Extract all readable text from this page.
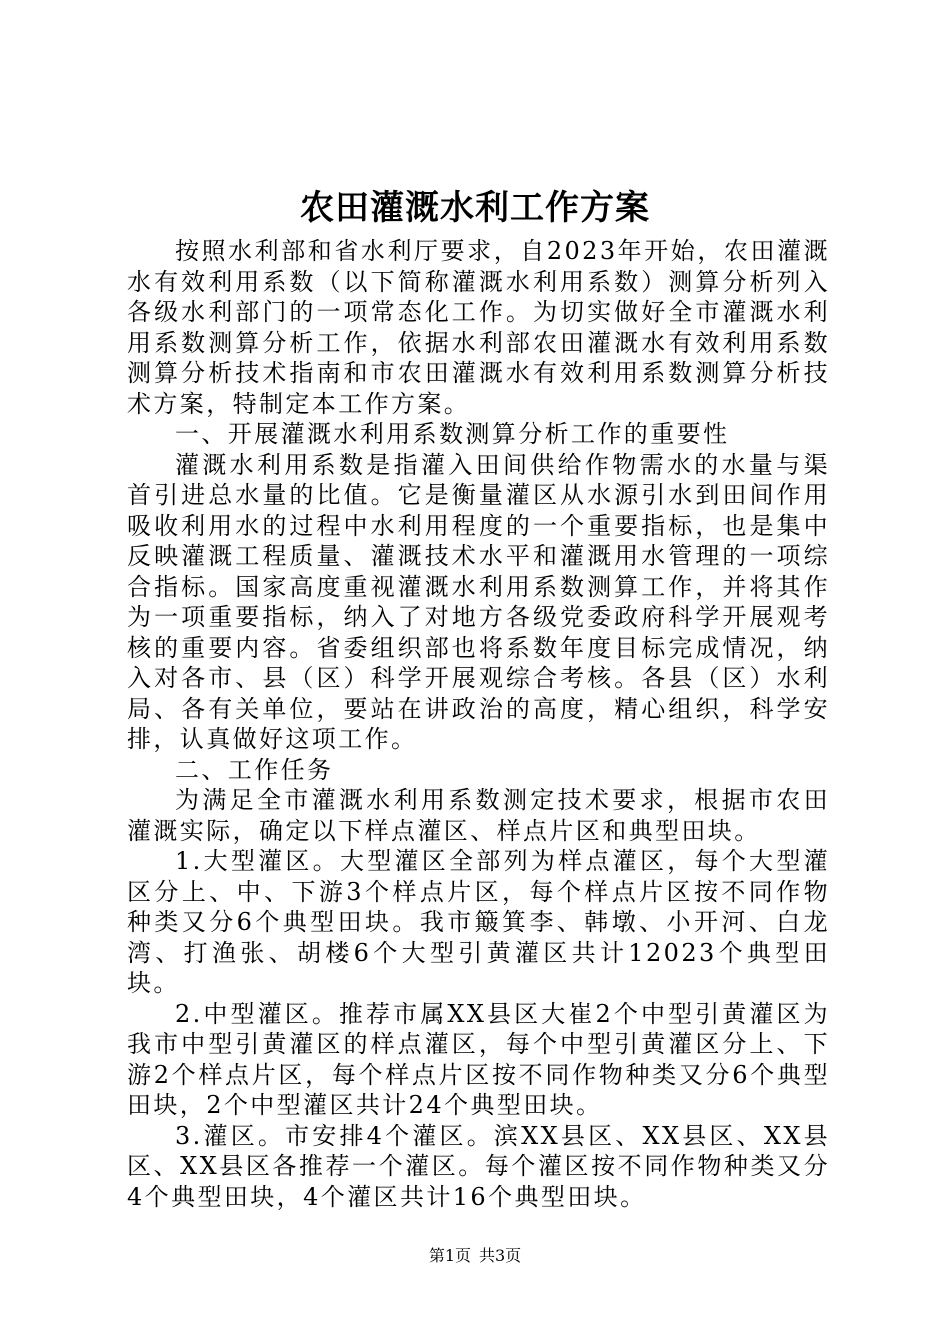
农田灌溉水利工作方案

按照水利部和省水利厅要求，自2023年开始，农田灌溉水有效利用系数（以下简称灌溉水利用系数）测算分析列入各级水利部门的一项常态化工作。为切实做好全市灌溉水利用系数测算分析工作，依据水利部农田灌溉水有效利用系数测算分析技术指南和市农田灌溉水有效利用系数测算分析技术方案，特制定本工作方案。

一、开展灌溉水利用系数测算分析工作的重要性

灌溉水利用系数是指灌入田间供给作物需水的水量与渠首引进总水量的比值。它是衡量灌区从水源引水到田间作用吸收利用水的过程中水利用程度的一个重要指标，也是集中反映灌溉工程质量、灌溉技术水平和灌溉用水管理的一项综合指标。国家高度重视灌溉水利用系数测算工作，并将其作为一项重要指标，纳入了对地方各级党委政府科学开展观考核的重要内容。省委组织部也将系数年度目标完成情况，纳入对各市、县（区）科学开展观综合考核。各县（区）水利局、各有关单位，要站在讲政治的高度，精心组织，科学安排，认真做好这项工作。

二、工作任务

为满足全市灌溉水利用系数测定技术要求，根据市农田灌溉实际，确定以下样点灌区、样点片区和典型田块。

1.大型灌区。大型灌区全部列为样点灌区，每个大型灌区分上、中、下游3个样点片区，每个样点片区按不同作物种类又分6个典型田块。我市簸箕李、韩墩、小开河、白龙湾、打渔张、胡楼6个大型引黄灌区共计12023个典型田块。

2.中型灌区。推荐市属XX县区大崔2个中型引黄灌区为我市中型引黄灌区的样点灌区，每个中型引黄灌区分上、下游2个样点片区，每个样点片区按不同作物种类又分6个典型田块，2个中型灌区共计24个典型田块。

3.灌区。市安排4个灌区。滨XX县区、XX县区、XX县区、XX县区各推荐一个灌区。每个灌区按不同作物种类又分4个典型田块，4个灌区共计16个典型田块。

第1页 共3页
